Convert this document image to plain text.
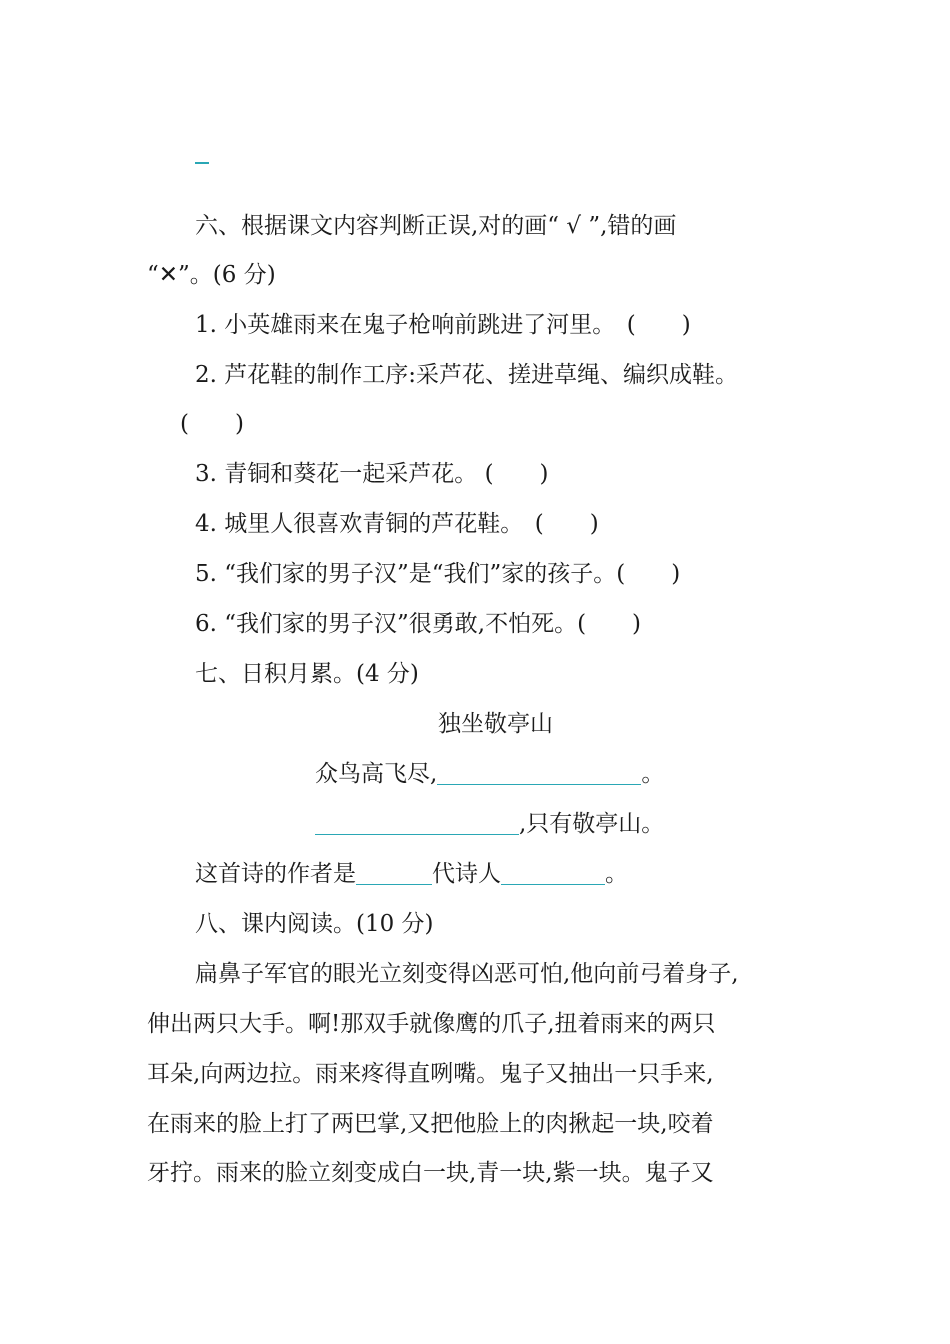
六、根据课文内容判断正误,对的画“ √ ”,错的画
“✕”。(6 分)
1. 小英雄雨来在鬼子枪响前跳进了河里。　(　　)
2. 芦花鞋的制作工序:采芦花、搓进草绳、编织成鞋。
(　　)
3. 青铜和葵花一起采芦花。 (　　)
4. 城里人很喜欢青铜的芦花鞋。　(　　)
5. “我们家的男子汉”是“我们”家的孩子。(　　)
6. “我们家的男子汉”很勇敢,不怕死。(　　)
七、日积月累。(4 分)
独坐敬亭山
众鸟高飞尽,	。
,只有敬亭山。
这首诗的作者是	代诗人	。
八、课内阅读。(10 分)
扁鼻子军官的眼光立刻变得凶恶可怕,他向前弓着身子,
伸出两只大手。啊!那双手就像鹰的爪子,扭着雨来的两只
耳朵,向两边拉。雨来疼得直咧嘴。鬼子又抽出一只手来,
在雨来的脸上打了两巴掌,又把他脸上的肉揪起一块,咬着
牙拧。雨来的脸立刻变成白一块,青一块,紫一块。鬼子又
